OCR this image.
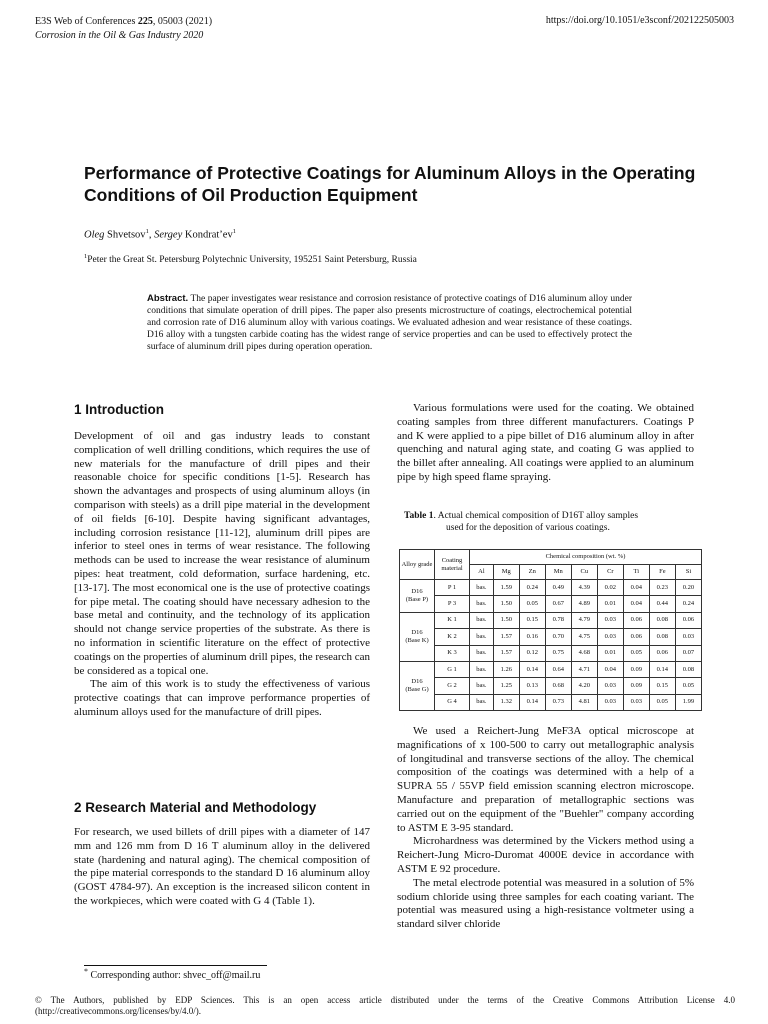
E3S Web of Conferences 225, 05003 (2021)
Corrosion in the Oil & Gas Industry 2020
https://doi.org/10.1051/e3sconf/202122505003
Performance of Protective Coatings for Aluminum Alloys in the Operating Conditions of Oil Production Equipment
Oleg Shvetsov$^1$, Sergey $Kondrat’ev^1$
$^1$Peter the Great St. Petersburg Polytechnic University, 195251 Saint Petersburg, Russia

Abstract. The paper investigates wear resistance and corrosion resistance of protective coatings of D16 aluminum alloy under conditions that simulate operation of drill pipes. The paper also presents microstructure of coatings, electrochemical potential and corrosion rate of D16 aluminum alloy with various coatings. We evaluated adhesion and wear resistance of these coatings. D16 alloy with a tungsten carbide coating has the widest range of service properties and can be used to effectively protect the surface of aluminum drill pipes during operation operation.

1 Introduction

Development of oil and gas industry leads to constant complication of well drilling conditions, which requires the use of new materials for the manufacture of drill pipes and their reasonable choice for specific conditions [1-5]. Research has shown the advantages and prospects of using aluminum alloys (in comparison with steels) as a drill pipe material in the development of oil fields [6-10]. Despite having significant advantages, including corrosion resistance [11-12], aluminum drill pipes are inferior to steel ones in terms of wear resistance. The following methods can be used to increase the wear resistance of aluminum pipes: heat treatment, cold deformation, surface hardening, etc. [13-17]. The most economical one is the use of protective coatings for pipe metal. The coating should have necessary adhesion to the base metal and continuity, and the technology of its application should not change service properties of the substrate. As there is no information in scientific literature on the effect of protective coatings on the properties of aluminum drill pipes, the research can be considered as a topical one.

The aim of this work is to study the effectiveness of various protective coatings that can improve performance properties of aluminum alloys used for the manufacture of drill pipes.

2 Research Material and Methodology

For research, we used billets of drill pipes with a diameter of 147 mm and 126 mm from D 16 T aluminum alloy in the delivered state (hardening and natural aging). The chemical composition of the pipe material corresponds to the standard D 16 aluminum alloy (GOST 4784-97). An exception is the increased silicon content in the workpieces, which were coated with G 4 (Table 1).

Various formulations were used for the coating. We obtained coating samples from three different manufacturers. Coatings P and K were applied to a pipe billet of D16 aluminum alloy in after quenching and natural aging state, and coating G was applied to the billet after annealing. All coatings were applied to an aluminum pipe by high speed flame spraying.

Table 1. Actual chemical composition of D16T alloy samples
used for the deposition of various coatings.
Alloy grade	Coating material	Chemical composition (wt. %)								
		Al	Mg	Zn	Mn	Cu	Cr	Ti	Fe	Si
D16
(Base P)	P 1	bas.	1.59	0.24	0.49	4.39	0.02	0.04	0.23	0.20
	P 3	bas.	1.50	0.05	0.67	4.89	0.01	0.04	0.44	0.24
D16
(Base K)	K 1	bas.	1.50	0.15	0.78	4.79	0.03	0.06	0.08	0.06
	K 2	bas.	1.57	0.16	0.70	4.75	0.03	0.06	0.08	0.03
	K 3	bas.	1.57	0.12	0.75	4.68	0.01	0.05	0.06	0.07
D16
(Base G)	G 1	bas.	1.26	0.14	0.64	4.71	0.04	0.09	0.14	0.08
	G 2	bas.	1.25	0.13	0.68	4.20	0.03	0.09	0.15	0.05
	G 4	bas.	1.32	0.14	0.73	4.81	0.03	0.03	0.05	1.99

We used a Reichert-Jung MeF3A optical microscope at magnifications of x 100-500 to carry out metallographic analysis of longitudinal and transverse sections of the alloy. The chemical composition of the coatings was determined with a help of a SUPRA 55 / 55VP field emission scanning electron microscope. Manufacture and preparation of metallographic sections was carried out on the equipment of the "Buehler" company according to ASTM E 3-95 standard.

Microhardness was determined by the Vickers method using a Reichert-Jung Micro-Duromat 4000E device in accordance with ASTM E 92 procedure.

The metal electrode potential was measured in a solution of 5% sodium chloride using three samples for each coating variant. The potential was measured using a high-resistance voltmeter using a standard silver chloride

* Corresponding author: shvec_off@mail.ru
© The Authors, published by EDP Sciences. This is an open access article distributed under the terms of the Creative Commons Attribution License 4.0 (http://creativecommons.org/licenses/by/4.0/).
